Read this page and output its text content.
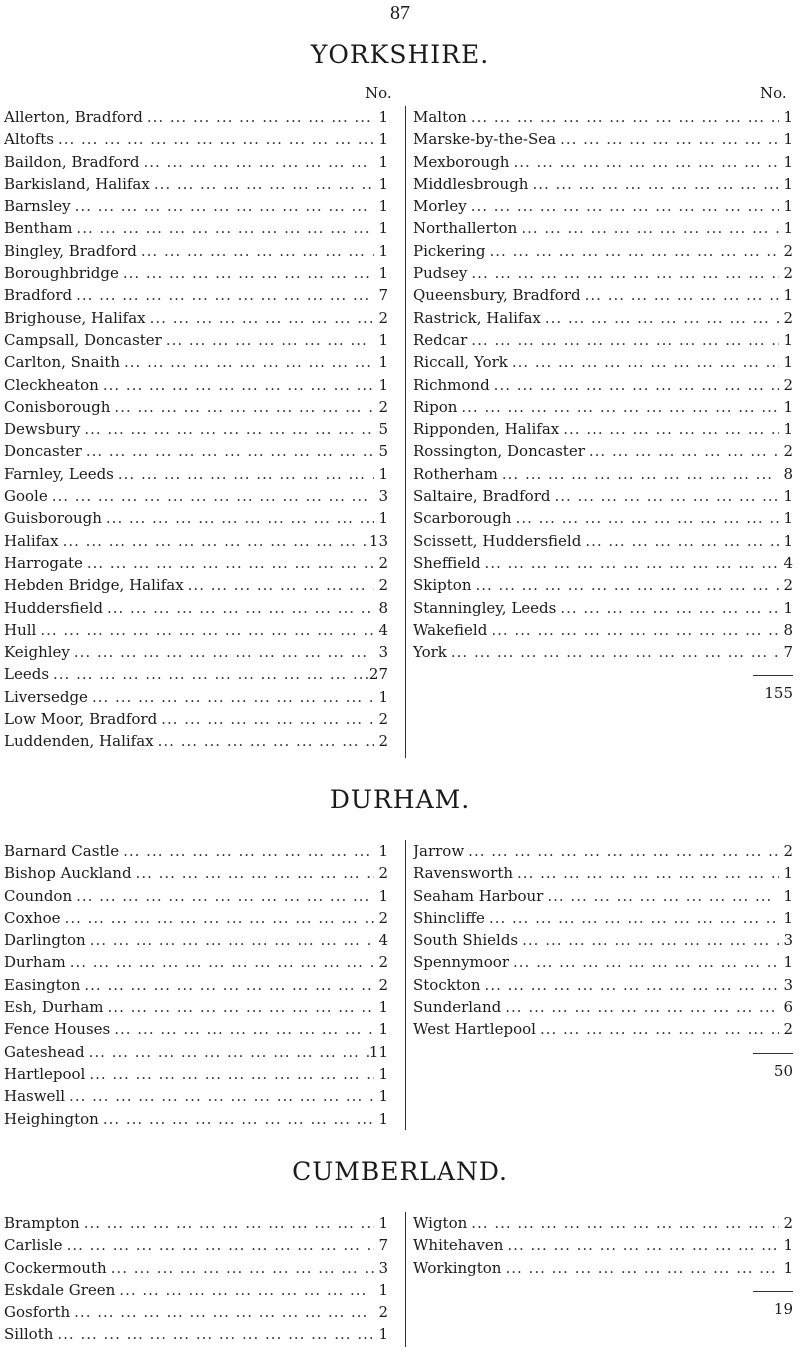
87
YORKSHIRE.
No.	No.
Allerton, Bradford ... .	1
Altofts ... .	1
Baildon, Bradford ... .	1
Barkisland, Halifax ... .	1
Barnsley ... .	1
Bentham ... .	1
Bingley, Bradford ... .	1
Boroughbridge ... .	1
Bradford ... .	7
Brighouse, Halifax ... .	2
Campsall, Doncaster ... .	1
Carlton, Snaith ... .	1
Cleckheaton ... .	1
Conisborough ... .	2
Dewsbury ... .	5
Doncaster ... .	5
Farnley, Leeds ... .	1
Goole ... .	3
Guisborough ... .	1
Halifax ... .	13
Harrogate ... .	2
Hebden Bridge, Halifax ... .	2
Huddersfield ... .	8
Hull ... .	4
Keighley ... .	3
Leeds ... .	27
Liversedge ... .	1
Low Moor, Bradford ... .	2
Luddenden, Halifax ... .	2
Malton ... .	1
Marske-by-the-Sea ... .	1
Mexborough ... .	1
Middlesbrough ... .	1
Morley ... .	1
Northallerton ... .	1
Pickering ... .	2
Pudsey ... .	2
Queensbury, Bradford ... .	1
Rastrick, Halifax ... .	2
Redcar ... .	1
Riccall, York ... .	1
Richmond ... .	2
Ripon ... .	1
Ripponden, Halifax ... .	1
Rossington, Doncaster ... .	2
Rotherham ... .	8
Saltaire, Bradford ... .	1
Scarborough ... .	1
Scissett, Huddersfield ... .	1
Sheffield ... .	4
Skipton ... .	2
Stanningley, Leeds ... .	1
Wakefield ... .	8
York ... .	7
155
DURHAM.
Barnard Castle ... .	1
Bishop Auckland ... .	2
Coundon ... .	1
Coxhoe ... .	2
Darlington ... .	4
Durham ... .	2
Easington ... .	2
Esh, Durham ... .	1
Fence Houses ... .	1
Gateshead ... .	11
Hartlepool ... .	1
Haswell ... .	1
Heighington ... .	1
Jarrow ... .	2
Ravensworth ... .	1
Seaham Harbour ... .	1
Shincliffe ... .	1
South Shields ... .	3
Spennymoor ... .	1
Stockton ... .	3
Sunderland ... .	6
West Hartlepool ... .	2
50
CUMBERLAND.
Brampton ... .	1
Carlisle ... .	7
Cockermouth ... .	3
Eskdale Green ... .	1
Gosforth ... .	2
Silloth ... .	1
Wigton ... .	2
Whitehaven ... .	1
Workington ... .	1
19
